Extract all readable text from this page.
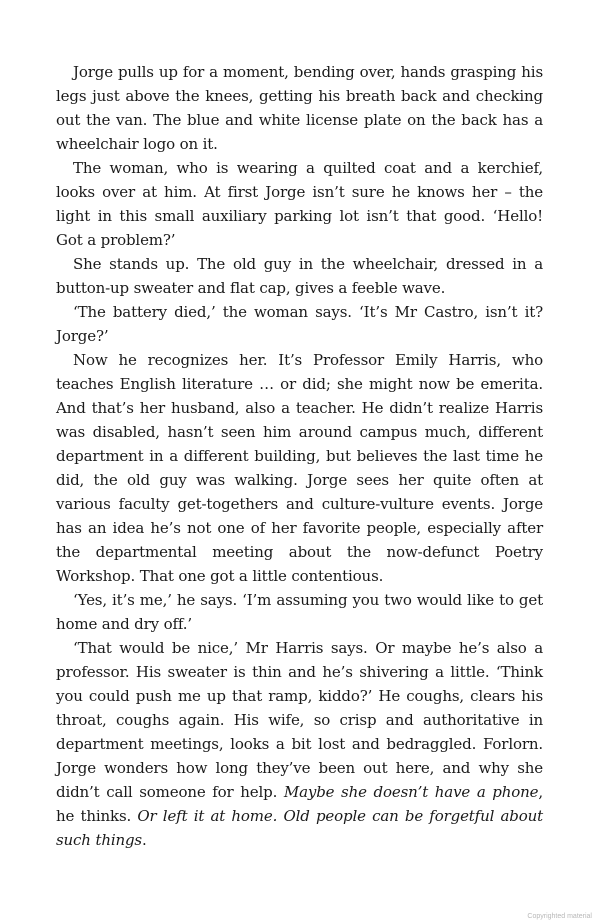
Jorge pulls up for a moment, bending over, hands grasping his legs just above the knees, getting his breath back and checking out the van. The blue and white license plate on the back has a wheelchair logo on it.

The woman, who is wearing a quilted coat and a kerchief, looks over at him. At first Jorge isn’t sure he knows her – the light in this small auxiliary parking lot isn’t that good. ‘Hello! Got a problem?’

She stands up. The old guy in the wheelchair, dressed in a button-up sweater and flat cap, gives a feeble wave.

‘The battery died,’ the woman says. ‘It’s Mr Castro, isn’t it? Jorge?’

Now he recognizes her. It’s Professor Emily Harris, who teaches English literature … or did; she might now be emerita. And that’s her husband, also a teacher. He didn’t realize Harris was disabled, hasn’t seen him around campus much, different department in a different building, but believes the last time he did, the old guy was walking. Jorge sees her quite often at various faculty get-togethers and culture-vulture events. Jorge has an idea he’s not one of her favorite people, especially after the departmental meeting about the now-defunct Poetry Workshop. That one got a little contentious.

‘Yes, it’s me,’ he says. ‘I’m assuming you two would like to get home and dry off.’

‘That would be nice,’ Mr Harris says. Or maybe he’s also a professor. His sweater is thin and he’s shivering a little. ‘Think you could push me up that ramp, kiddo?’ He coughs, clears his throat, coughs again. His wife, so crisp and authoritative in department meetings, looks a bit lost and bedraggled. Forlorn. Jorge wonders how long they’ve been out here, and why she didn’t call someone for help. Maybe she doesn’t have a phone, he thinks. Or left it at home. Old people can be forgetful about such things.

Copyrighted material
